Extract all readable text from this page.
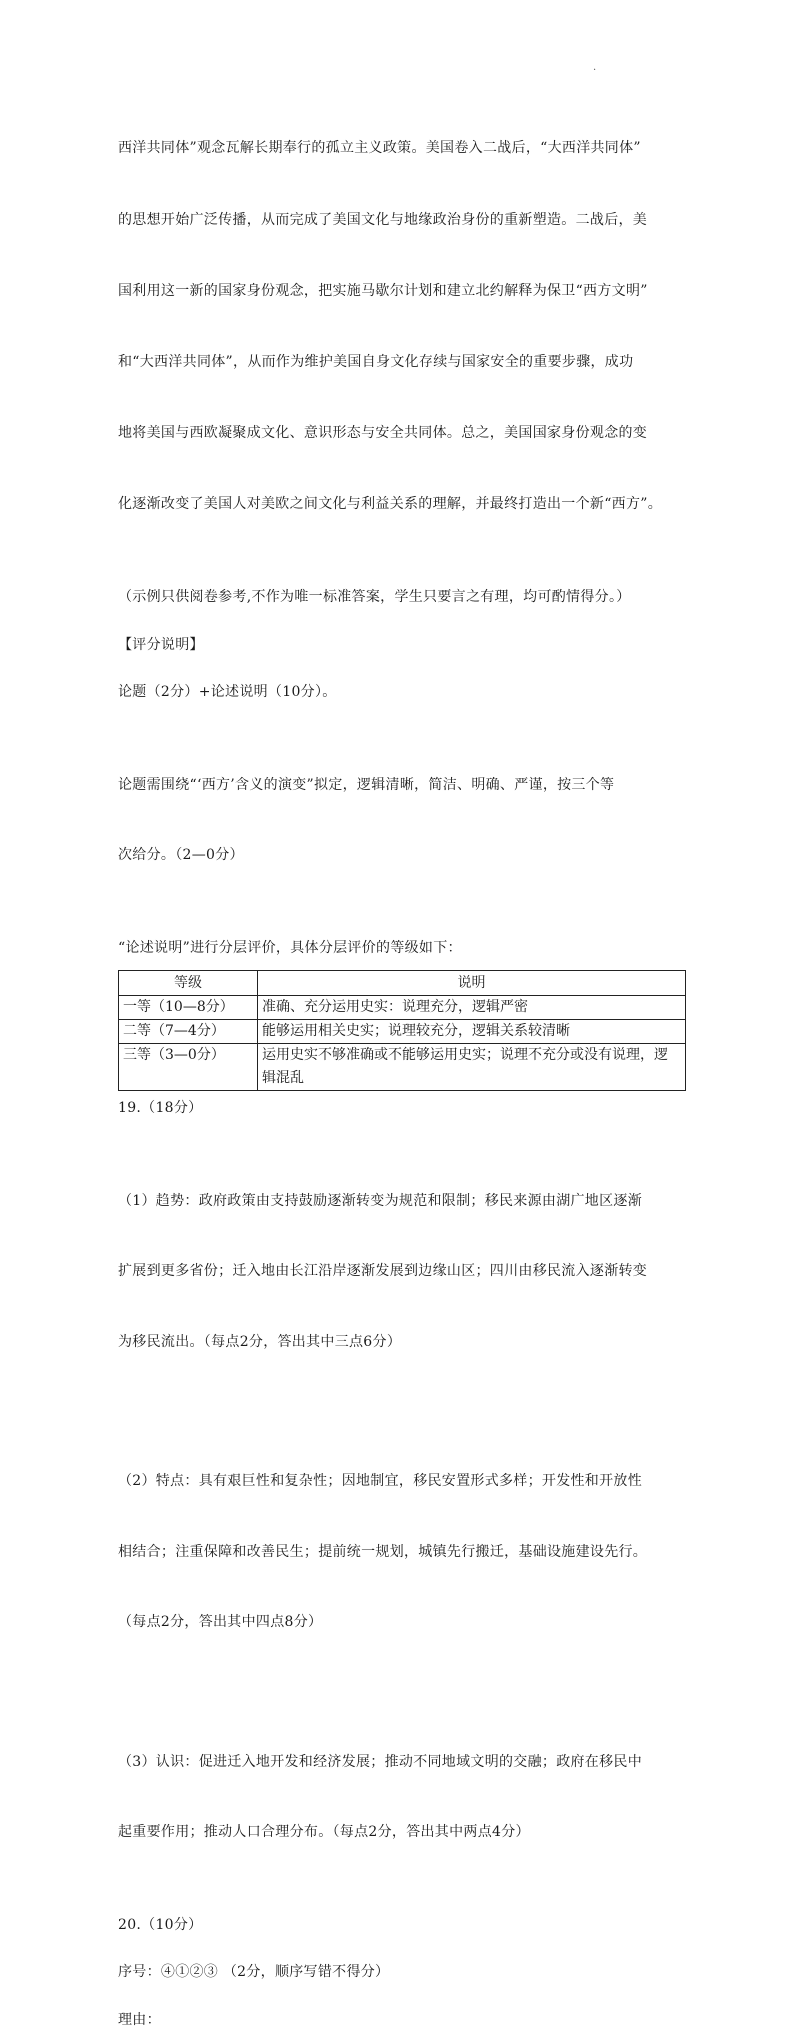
.

西洋共同体”观念瓦解长期奉行的孤立主义政策。美国卷入二战后，“大西洋共同体”

的思想开始广泛传播，从而完成了美国文化与地缘政治身份的重新塑造。二战后，美

国利用这一新的国家身份观念，把实施马歇尔计划和建立北约解释为保卫“西方文明”

和“大西洋共同体”，从而作为维护美国自身文化存续与国家安全的重要步骤，成功

地将美国与西欧凝聚成文化、意识形态与安全共同体。总之，美国国家身份观念的变

化逐渐改变了美国人对美欧之间文化与利益关系的理解，并最终打造出一个新“西方”。

（示例只供阅卷参考,不作为唯一标准答案，学生只要言之有理，均可酌情得分。）

【评分说明】

论题（2分）+论述说明（10分）。

论题需围绕“‘西方’含义的演变”拟定，逻辑清晰，简洁、明确、严谨，按三个等

次给分。（2—0分）

“论述说明”进行分层评价，具体分层评价的等级如下：

等级	说明
一等（10—8分）	准确、充分运用史实：说理充分，逻辑严密
二等（7—4分）	能够运用相关史实；说理较充分，逻辑关系较清晰
三等（3—0分）	运用史实不够准确或不能够运用史实；说理不充分或没有说理，逻辑混乱

19.（18分）

（1）趋势：政府政策由支持鼓励逐渐转变为规范和限制；移民来源由湖广地区逐渐

扩展到更多省份；迁入地由长江沿岸逐渐发展到边缘山区；四川由移民流入逐渐转变

为移民流出。（每点2分，答出其中三点6分）

（2）特点：具有艰巨性和复杂性；因地制宜，移民安置形式多样；开发性和开放性

相结合；注重保障和改善民生；提前统一规划，城镇先行搬迁，基础设施建设先行。

（每点2分，答出其中四点8分）

（3）认识：促进迁入地开发和经济发展；推动不同地域文明的交融；政府在移民中

起重要作用；推动人口合理分布。（每点2分，答出其中两点4分）

20.（10分）

序号：④①②③ （2分，顺序写错不得分）

理由：
